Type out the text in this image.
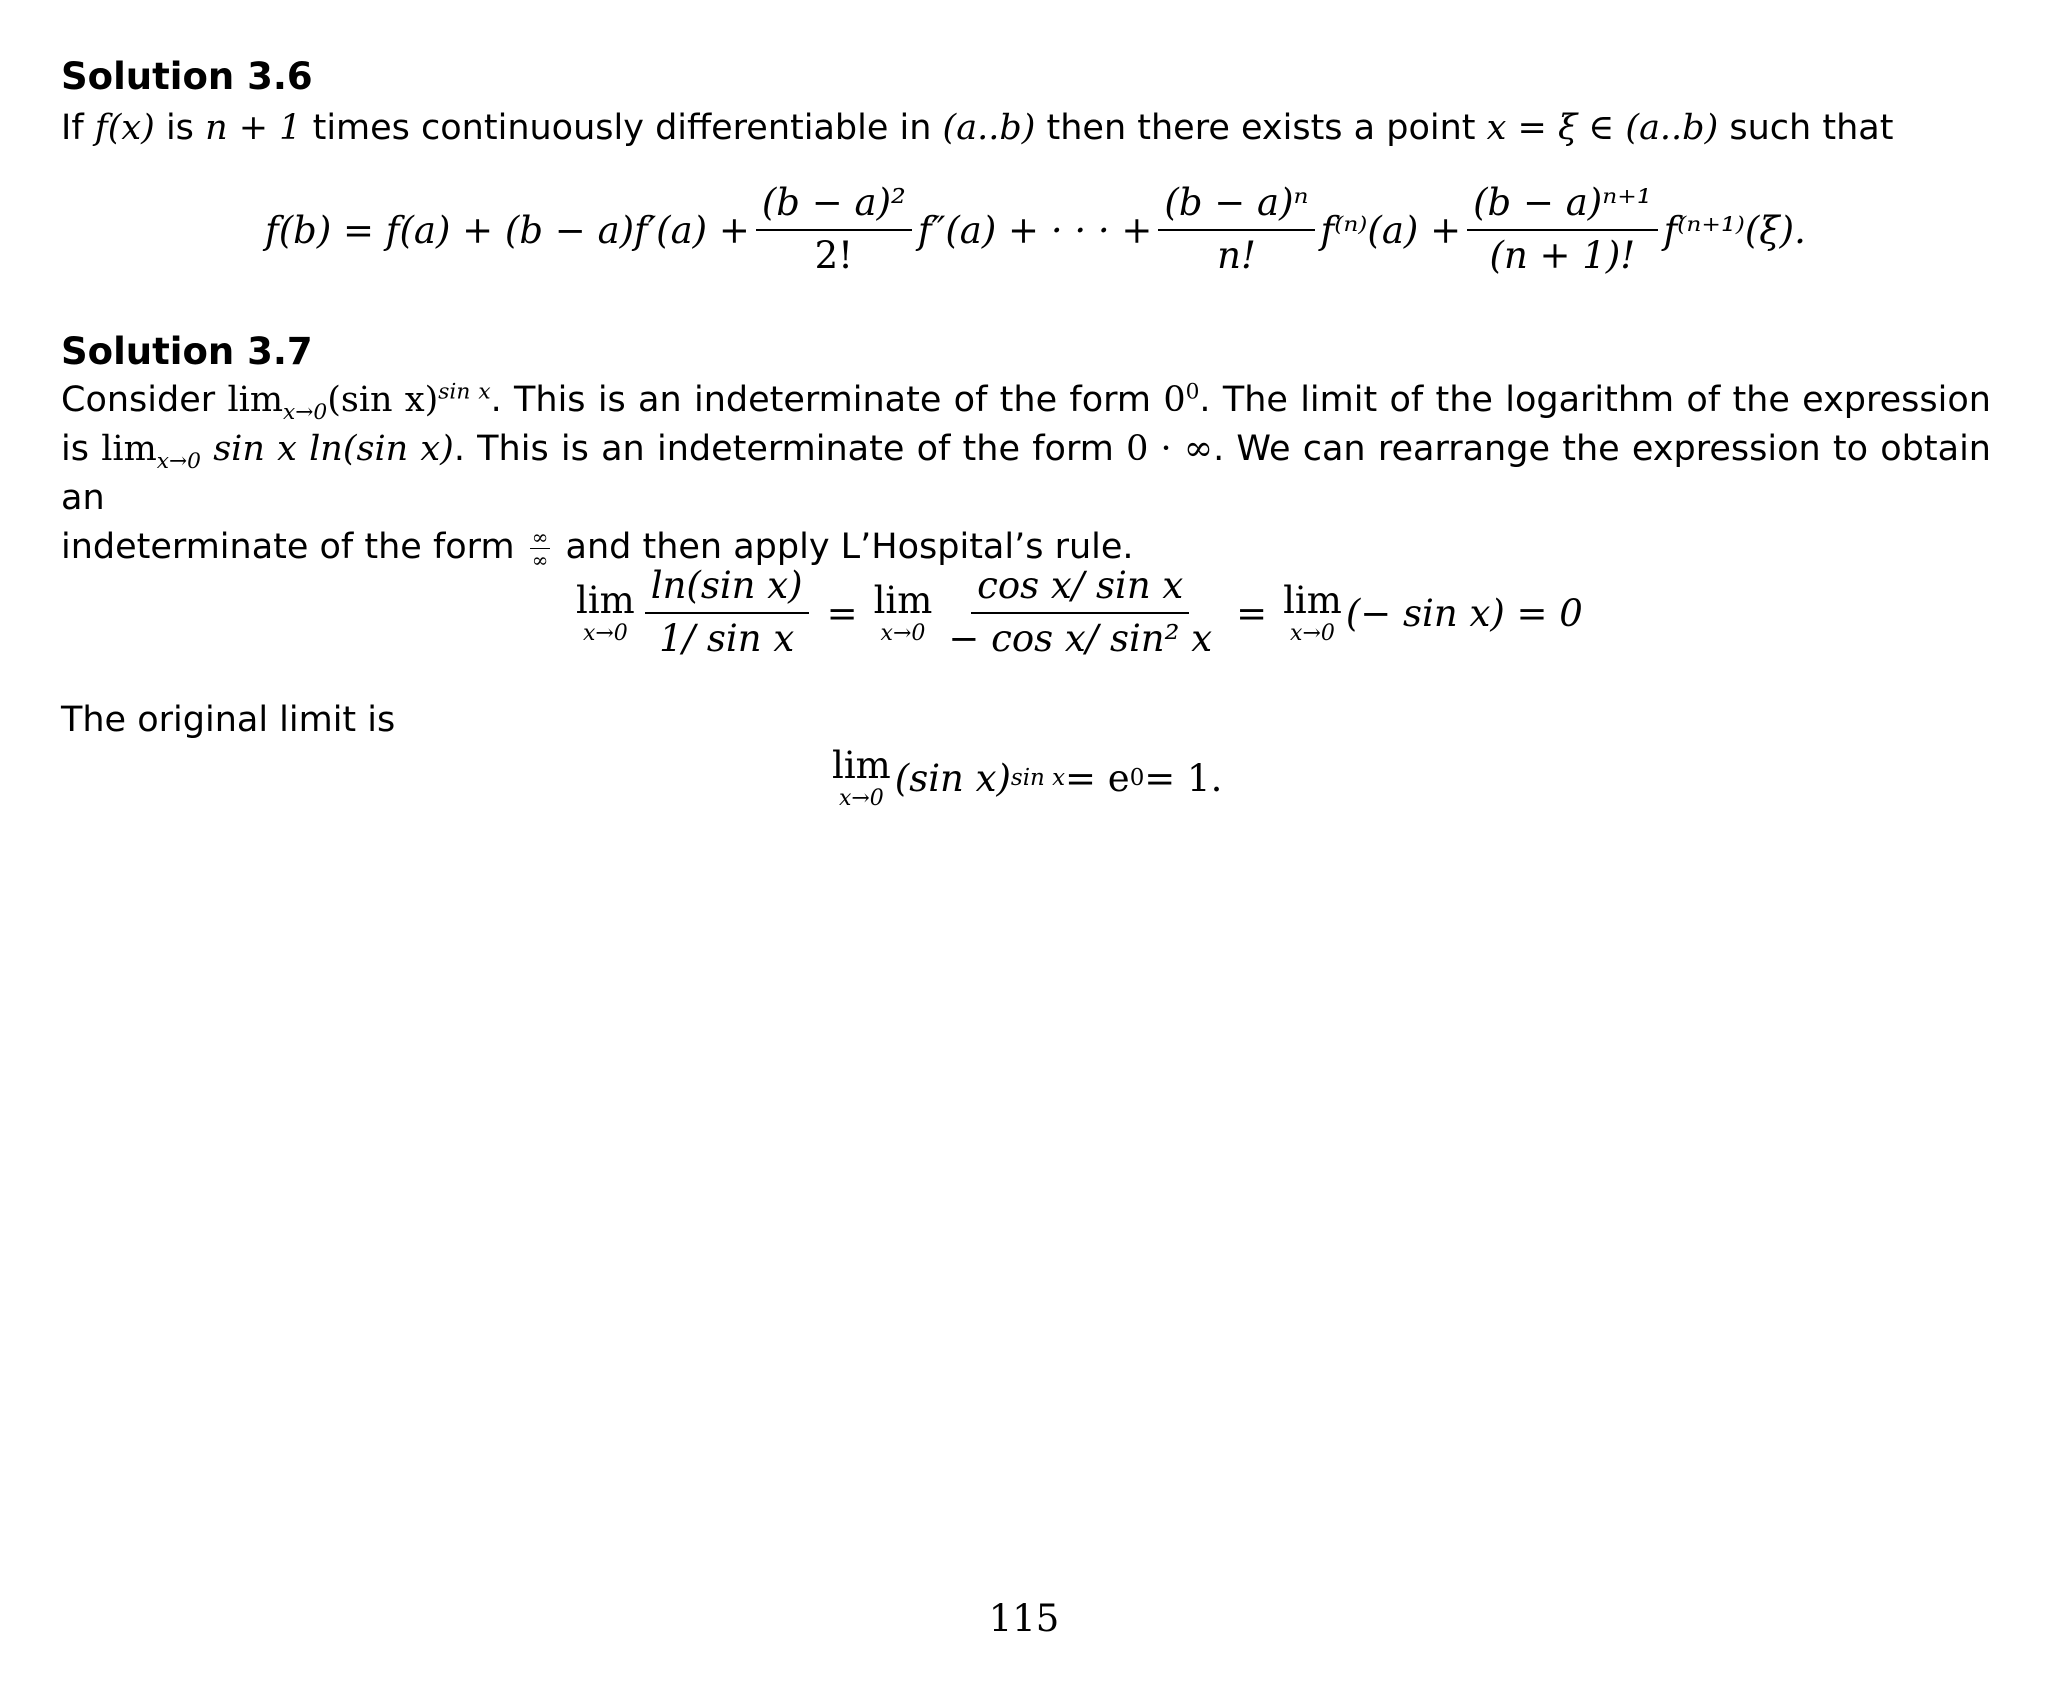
Solution 3.6

If f(x) is n + 1 times continuously differentiable in (a..b) then there exists a point x = ξ ∈ (a..b) such that

$f(b) = f(a) + (b - a)f'(a) + \frac{\text{(b − a)²}}{2!} f''(a)$ + · · · + $\frac{\text{(b − a)ⁿ}}{n!} f^{(n)}(a) + \frac{\text{(b − a)ⁿ⁺¹}}{(n + 1)!} f^{(n+1)}(\xi)$.
Solution 3.7
Consider $\lim_{x\to 0}(\sin$ x)$^{sin x}$. This is an indeterminate of the form $0^0$. The limit of the logarithm of the expression
is $\lim_{x\to 0} \sin x$ ln(sin x). This is an indeterminate of the form 0 · ∞. We can rearrange the expression to obtain an
indeterminate of the form $\frac{\infty}{\infty}$ and then apply L’Hospital’s rule.
lim
$x\to 0 \frac{\text{ln(sin x)}}{\text{1/ sin x}} = \lim$
$x\to 0 \frac{\text{cos x/ sin x}}{\text{− cos x/ sin² x}} = \lim$
x→0 (− sin x) = 0

The original limit is

lim
x→0 (sin x) sin x = e 0 = 1.
115
